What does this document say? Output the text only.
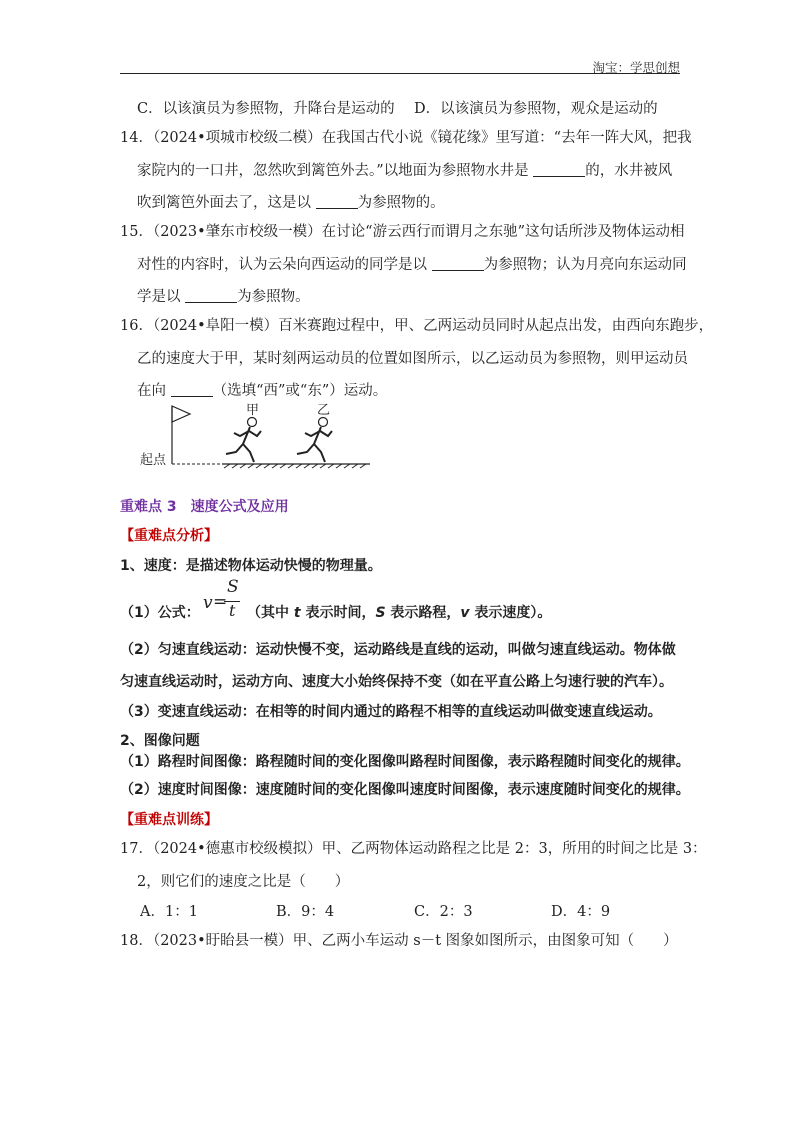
淘宝：学思创想
C．以该演员为参照物，升降台是运动的 D．以该演员为参照物，观众是运动的
14．（2024•项城市校级二模）在我国古代小说《镜花缘》里写道：“去年一阵大风，把我
家院内的一口井，忽然吹到篱笆外去。”以地面为参照物水井是	的，水井被风
吹到篱笆外面去了，这是以	为参照物的。
15．（2023•肇东市校级一模）在讨论“游云西行而谓月之东驰”这句话所涉及物体运动相
对性的内容时，认为云朵向西运动的同学是以	为参照物；认为月亮向东运动同
学是以	为参照物。
16．（2024•阜阳一模）百米赛跑过程中，甲、乙两运动员同时从起点出发，由西向东跑步，
乙的速度大于甲，某时刻两运动员的位置如图所示，以乙运动员为参照物，则甲运动员
在向	（选填“西”或“东”）运动。
甲	乙
起点
重难点 3　速度公式及应用
【重难点分析】
1、速度：是描述物体运动快慢的物理量。
（1）公式： v =
S
t （其中 t 表示时间，S 表示路程，v 表示速度）。
（2）匀速直线运动：运动快慢不变，运动路线是直线的运动，叫做匀速直线运动。物体做
匀速直线运动时，运动方向、速度大小始终保持不变（如在平直公路上匀速行驶的汽车）。
（3）变速直线运动：在相等的时间内通过的路程不相等的直线运动叫做变速直线运动。
2、图像问题
（1）路程时间图像：路程随时间的变化图像叫路程时间图像，表示路程随时间变化的规律。
（2）速度时间图像：速度随时间的变化图像叫速度时间图像，表示速度随时间变化的规律。
【重难点训练】
17．（2024•德惠市校级模拟）甲、乙两物体运动路程之比是 2：3，所用的时间之比是 3：
2，则它们的速度之比是（　　）
A．1：1	B．9：4	C．2：3	D．4：9
18．（2023•盱眙县一模）甲、乙两小车运动 s－t 图象如图所示，由图象可知（　　）
